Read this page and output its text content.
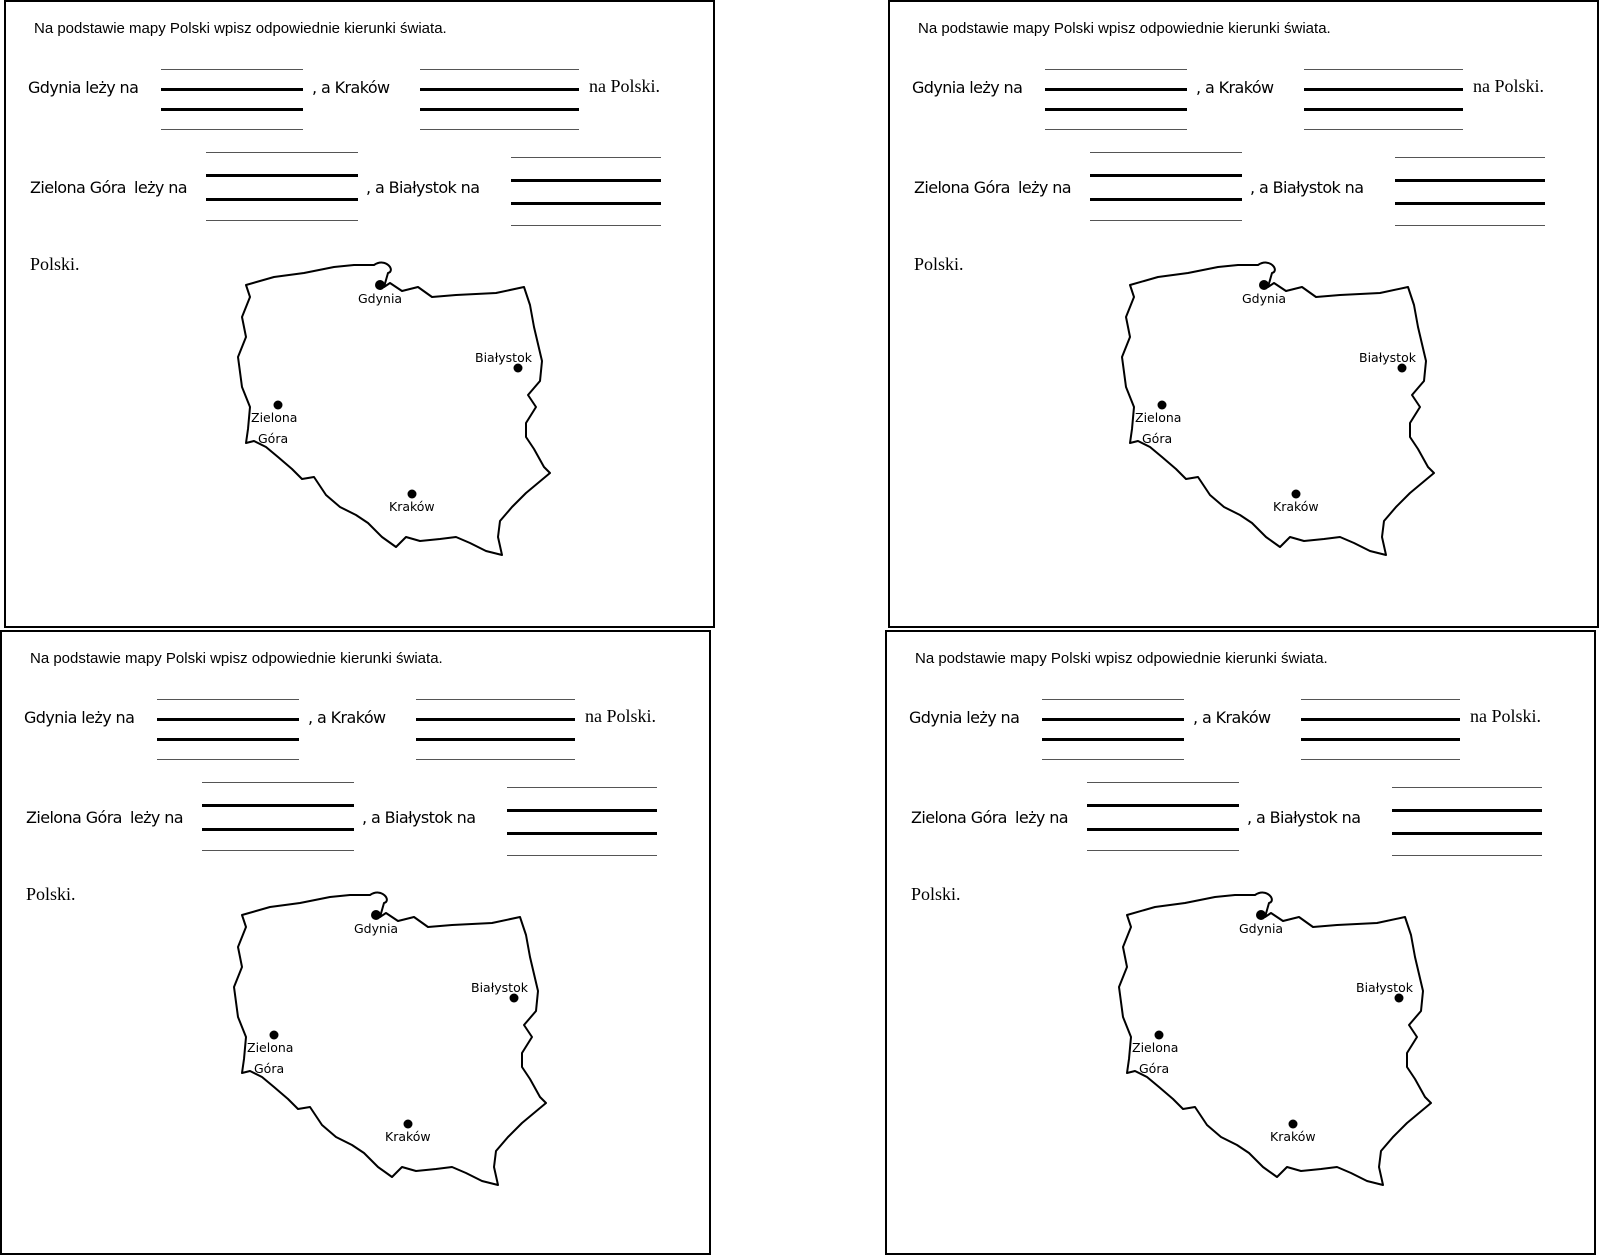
Na podstawie mapy Polski wpisz odpowiednie kierunki świata.
Gdynia leży na	, a Kraków	na Polski.
Zielona Góra leży na	, a Białystok na
Polski.
Gdynia
Białystok
Zielona
Góra
Kraków
Na podstawie mapy Polski wpisz odpowiednie kierunki świata.
Gdynia leży na	, a Kraków	na Polski.
Zielona Góra leży na	, a Białystok na
Polski.
Gdynia
Białystok
Zielona
Góra
Kraków
Na podstawie mapy Polski wpisz odpowiednie kierunki świata.
Gdynia leży na	, a Kraków	na Polski.
Zielona Góra leży na	, a Białystok na
Polski.
Gdynia
Białystok
Zielona
Góra
Kraków
Na podstawie mapy Polski wpisz odpowiednie kierunki świata.
Gdynia leży na	, a Kraków	na Polski.
Zielona Góra leży na	, a Białystok na
Polski.
Gdynia
Białystok
Zielona
Góra
Kraków
